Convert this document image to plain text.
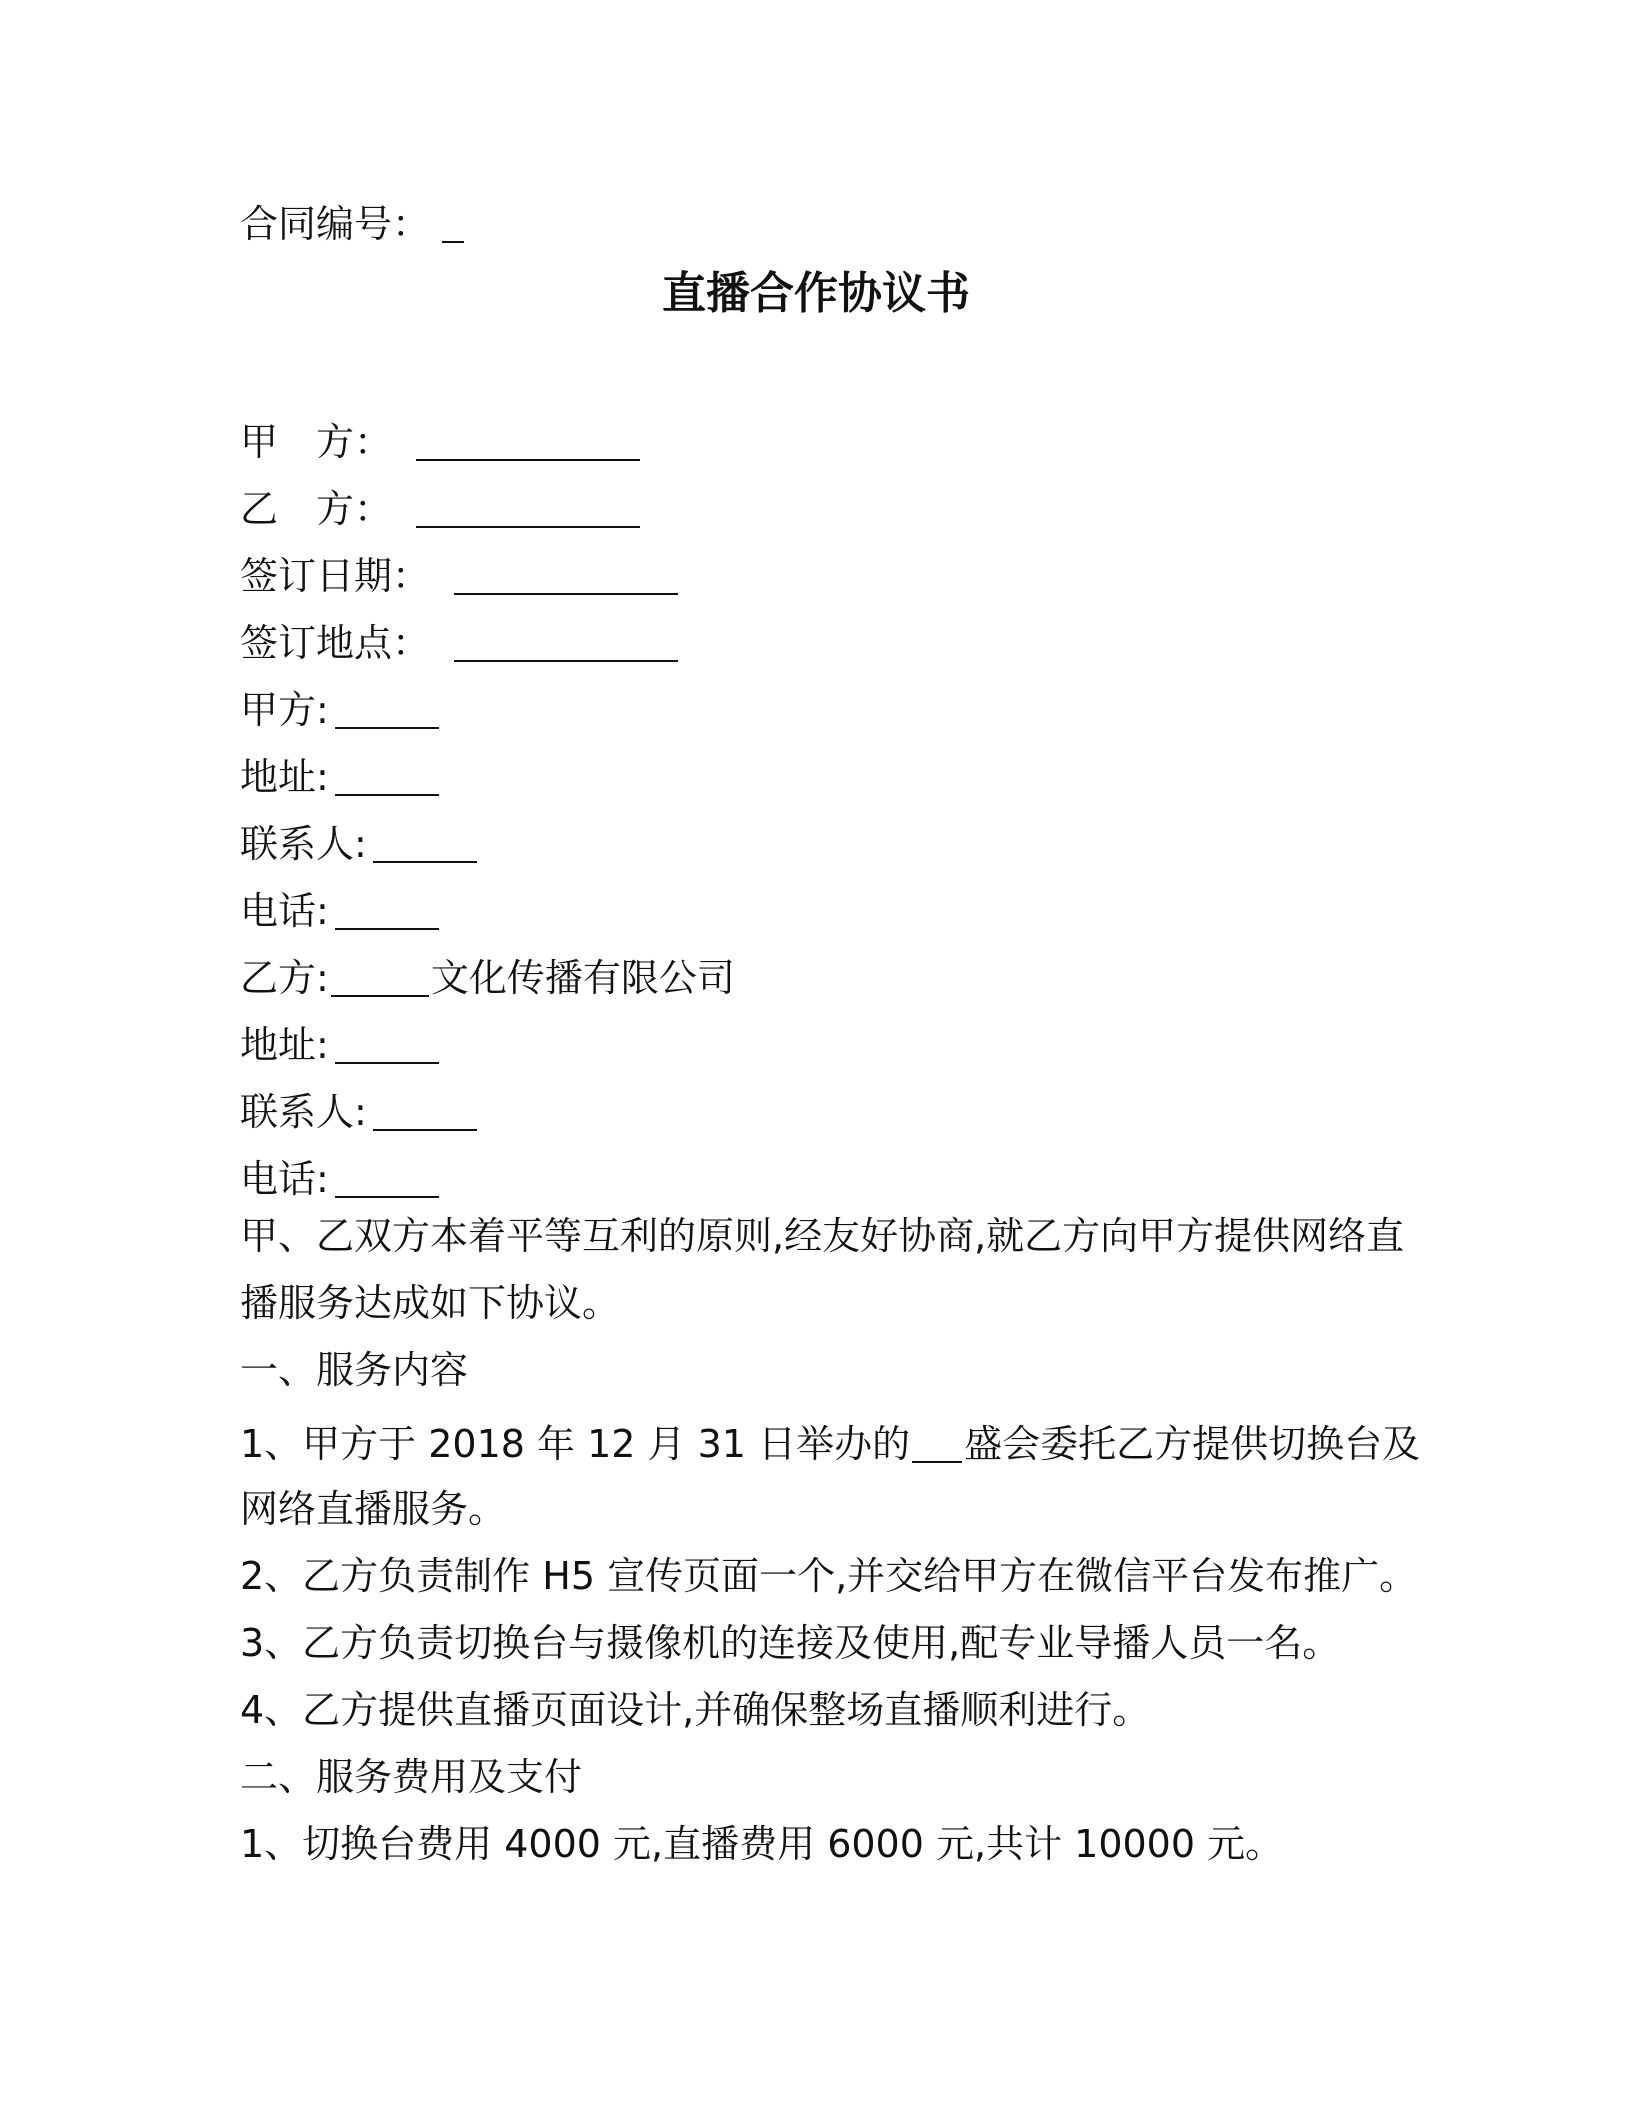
合同编号：
直播合作协议书
甲　方：
乙　方：
签订日期：
签订地点：
甲方:
地址:
联系人:
电话:
乙方:	文化传播有限公司
地址:
联系人:
电话:
甲、乙双方本着平等互利的原则,经友好协商,就乙方向甲方提供网络直
播服务达成如下协议。
一、服务内容
1、甲方于 2018 年 12 月 31 日举办的 盛会委托乙方提供切换台及
网络直播服务。
2、乙方负责制作 H5 宣传页面一个,并交给甲方在微信平台发布推广。
3、乙方负责切换台与摄像机的连接及使用,配专业导播人员一名。
4、乙方提供直播页面设计,并确保整场直播顺利进行。
二、服务费用及支付
1、切换台费用 4000 元,直播费用 6000 元,共计 10000 元。
